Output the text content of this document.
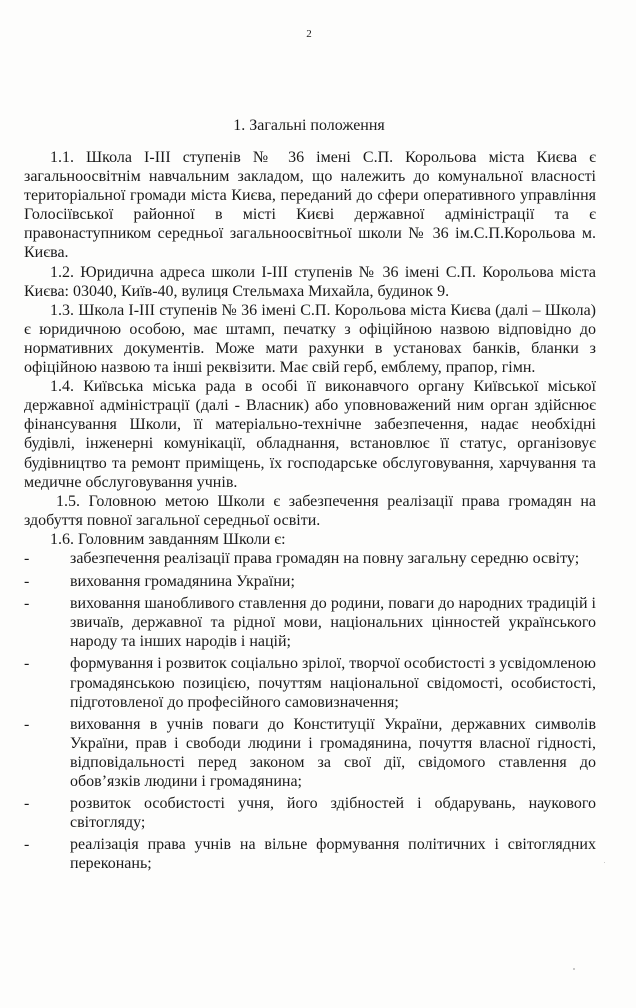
2
1. Загальні положення

1.1. Школа I-III ступенів № 36 імені С.П. Корольова міста Києва є загальноосвітнім навчальним закладом, що належить до комунальної власності територіальної громади міста Києва, переданий до сфери оперативного управління Голосіївської районної в місті Києві державної адміністрації та є правонаступником середньої загальноосвітньої школи № 36 ім.С.П.Корольова м. Києва.

1.2. Юридична адреса школи I-III ступенів № 36 імені С.П. Корольова міста Києва: 03040, Київ-40, вулиця Стельмаха Михайла, будинок 9.

1.3. Школа I-III ступенів № 36 імені С.П. Корольова міста Києва (далі – Школа) є юридичною особою, має штамп, печатку з офіційною назвою відповідно до нормативних документів. Може мати рахунки в установах банків, бланки з офіційною назвою та інші реквізити. Має свій герб, емблему, прапор, гімн.

1.4. Київська міська рада в особі її виконавчого органу Київської міської державної адміністрації (далі - Власник) або уповноважений ним орган здійснює фінансування Школи, її матеріально-технічне забезпечення, надає необхідні будівлі, інженерні комунікації, обладнання, встановлює її статус, організовує будівництво та ремонт приміщень, їх господарське обслуговування, харчування та медичне обслуговування учнів.

1.5. Головною метою Школи є забезпечення реалізації права громадян на здобуття повної загальної середньої освіти.

1.6. Головним завданням Школи є:

-	забезпечення реалізації права громадян на повну загальну середню освіту;
-	виховання громадянина України;
-	виховання шанобливого ставлення до родини, поваги до народних традицій і звичаїв, державної та рідної мови, національних цінностей українського народу та інших народів і націй;
-	формування і розвиток соціально зрілої, творчої особистості з усвідомленою громадянською позицією, почуттям національної свідомості, особистості, підготовленої до професійного самовизначення;
-	виховання в учнів поваги до Конституції України, державних символів України, прав і свободи людини і громадянина, почуття власної гідності, відповідальності перед законом за свої дії, свідомого ставлення до обов’язків людини і громадянина;
-	розвиток особистості учня, його здібностей і обдарувань, наукового світогляду;
-	реалізація права учнів на вільне формування політичних і світоглядних переконань;
